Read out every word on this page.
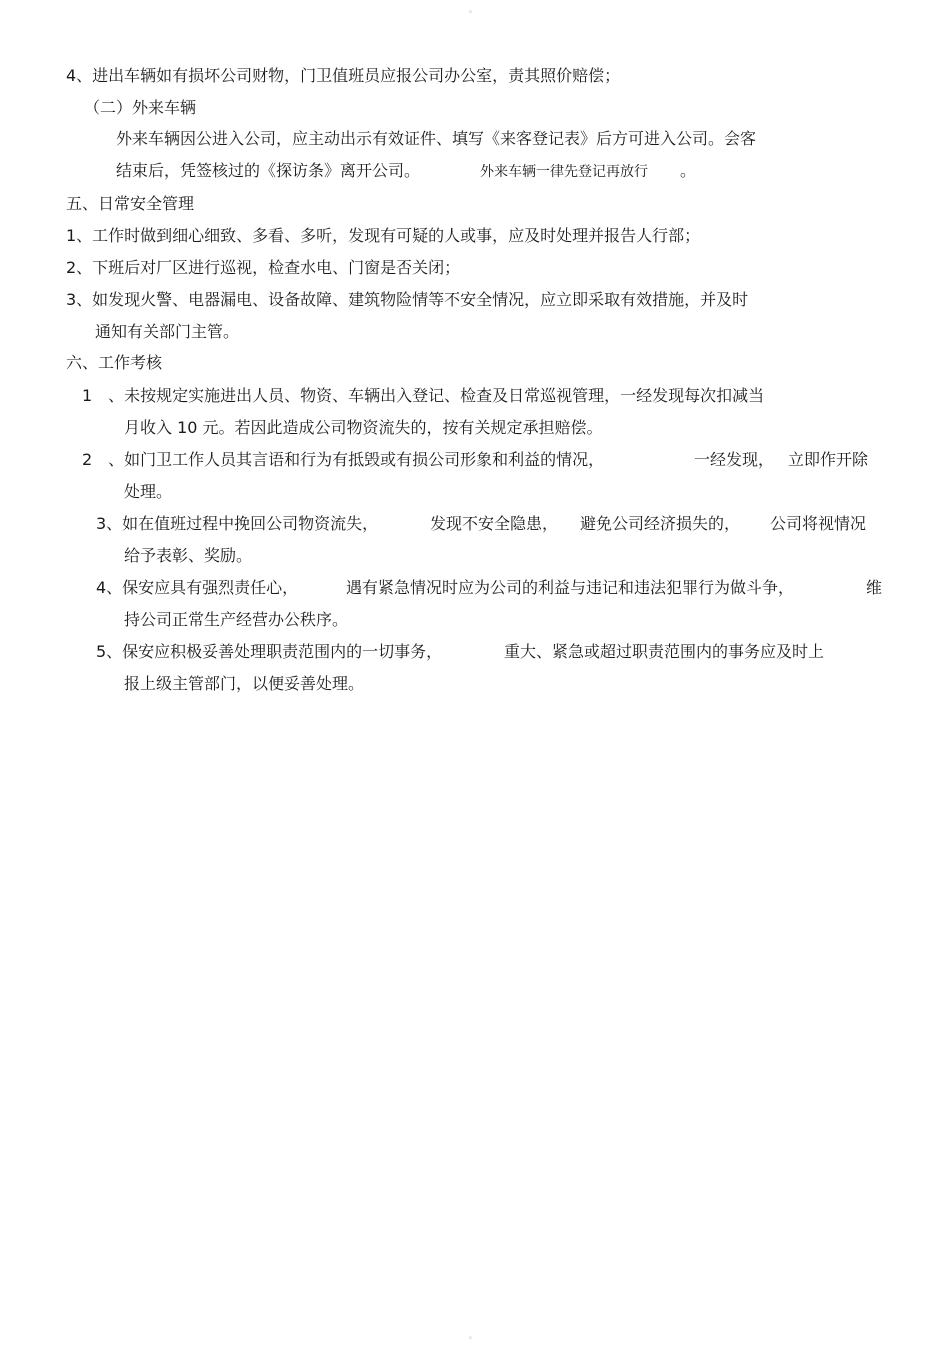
。
4、进出车辆如有损坏公司财物，门卫值班员应报公司办公室，责其照价赔偿；
（二）外来车辆
外来车辆因公进入公司，应主动出示有效证件、填写《来客登记表》后方可进入公司。会客
结束后，凭签核过的《探访条》离开公司。	外来车辆一律先登记再放行 。
五、日常安全管理
1、工作时做到细心细致、多看、多听，发现有可疑的人或事，应及时处理并报告人行部；
2、下班后对厂区进行巡视，检查水电、门窗是否关闭；
3、如发现火警、电器漏电、设备故障、建筑物险情等不安全情况，应立即采取有效措施，并及时
通知有关部门主管。
六、工作考核
1　、未按规定实施进出人员、物资、车辆出入登记、检查及日常巡视管理，一经发现每次扣减当
月收入 10 元。若因此造成公司物资流失的，按有关规定承担赔偿。
2　、如门卫工作人员其言语和行为有抵毁或有损公司形象和利益的情况，	一经发现， 立即作开除
处理。
3、如在值班过程中挽回公司物资流失，	发现不安全隐患， 避免公司经济损失的， 公司将视情况
给予表彰、奖励。
4、保安应具有强烈责任心，	遇有紧急情况时应为公司的利益与违记和违法犯罪行为做斗争，	维
持公司正常生产经营办公秩序。
5、保安应积极妥善处理职责范围内的一切事务，	重大、紧急或超过职责范围内的事务应及时上
报上级主管部门，以便妥善处理。
。
